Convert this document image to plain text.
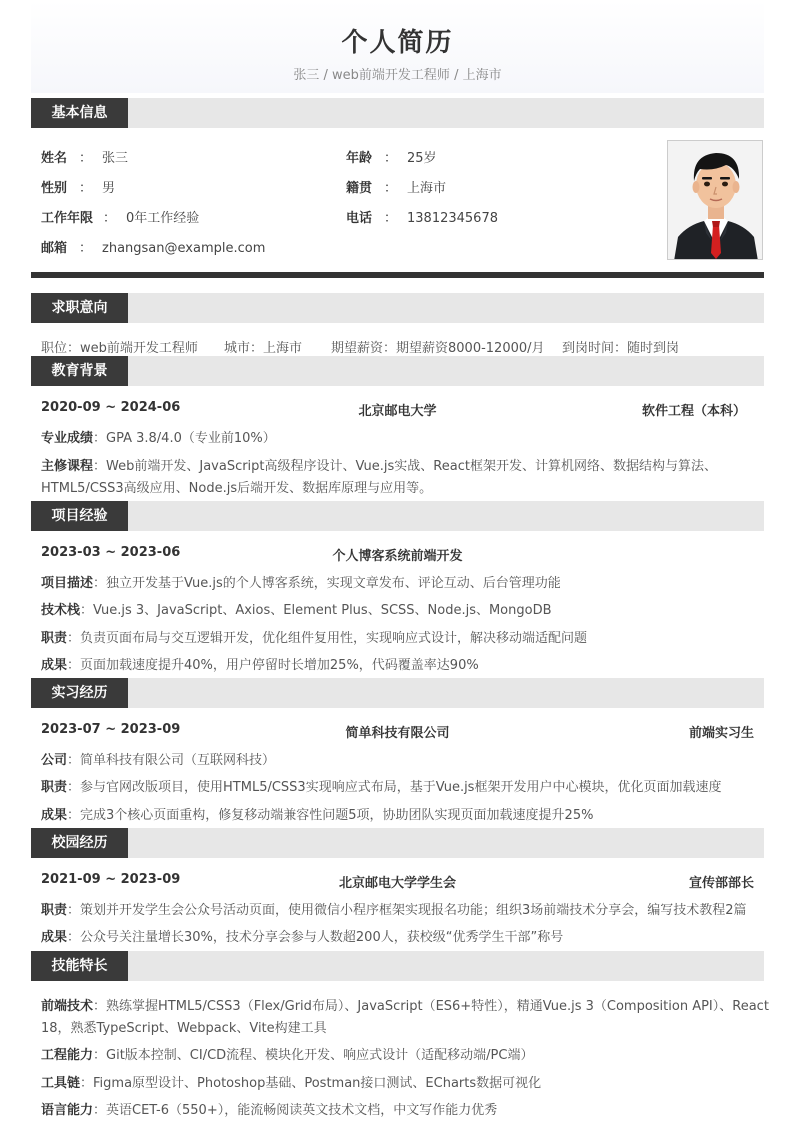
个人简历
张三 / web前端开发工程师 / 上海市
基本信息
姓名 ： 张三	年龄 ： 25岁
性别 ： 男	籍贯 ： 上海市
工作年限 ： 0年工作经验	电话 ： 13812345678
邮箱 ： zhangsan@example.com
求职意向
职位：web前端开发工程师 城市：上海市 期望薪资：期望薪资8000-12000/月 到岗时间：随时到岗
教育背景
2020-09 ~ 2024-06	北京邮电大学	软件工程（本科）
专业成绩：GPA 3.8/4.0（专业前10%）
主修课程：Web前端开发、JavaScript高级程序设计、Vue.js实战、React框架开发、计算机网络、数据结构与算法、
HTML5/CSS3高级应用、Node.js后端开发、数据库原理与应用等。
项目经验
2023-03 ~ 2023-06	个人博客系统前端开发
项目描述：独立开发基于Vue.js的个人博客系统，实现文章发布、评论互动、后台管理功能
技术栈：Vue.js 3、JavaScript、Axios、Element Plus、SCSS、Node.js、MongoDB
职责：负责页面布局与交互逻辑开发，优化组件复用性，实现响应式设计，解决移动端适配问题
成果：页面加载速度提升40%，用户停留时长增加25%，代码覆盖率达90%
实习经历
2023-07 ~ 2023-09	简单科技有限公司	前端实习生
公司：简单科技有限公司（互联网科技）
职责：参与官网改版项目，使用HTML5/CSS3实现响应式布局，基于Vue.js框架开发用户中心模块，优化页面加载速度
成果：完成3个核心页面重构，修复移动端兼容性问题5项，协助团队实现页面加载速度提升25%
校园经历
2021-09 ~ 2023-09	北京邮电大学学生会	宣传部部长
职责：策划并开发学生会公众号活动页面，使用微信小程序框架实现报名功能；组织3场前端技术分享会，编写技术教程2篇
成果：公众号关注量增长30%，技术分享会参与人数超200人，获校级“优秀学生干部”称号
技能特长
前端技术：熟练掌握HTML5/CSS3（Flex/Grid布局）、JavaScript（ES6+特性），精通Vue.js 3（Composition API）、React
18，熟悉TypeScript、Webpack、Vite构建工具
工程能力：Git版本控制、CI/CD流程、模块化开发、响应式设计（适配移动端/PC端）
工具链：Figma原型设计、Photoshop基础、Postman接口测试、ECharts数据可视化
语言能力：英语CET-6（550+），能流畅阅读英文技术文档，中文写作能力优秀
